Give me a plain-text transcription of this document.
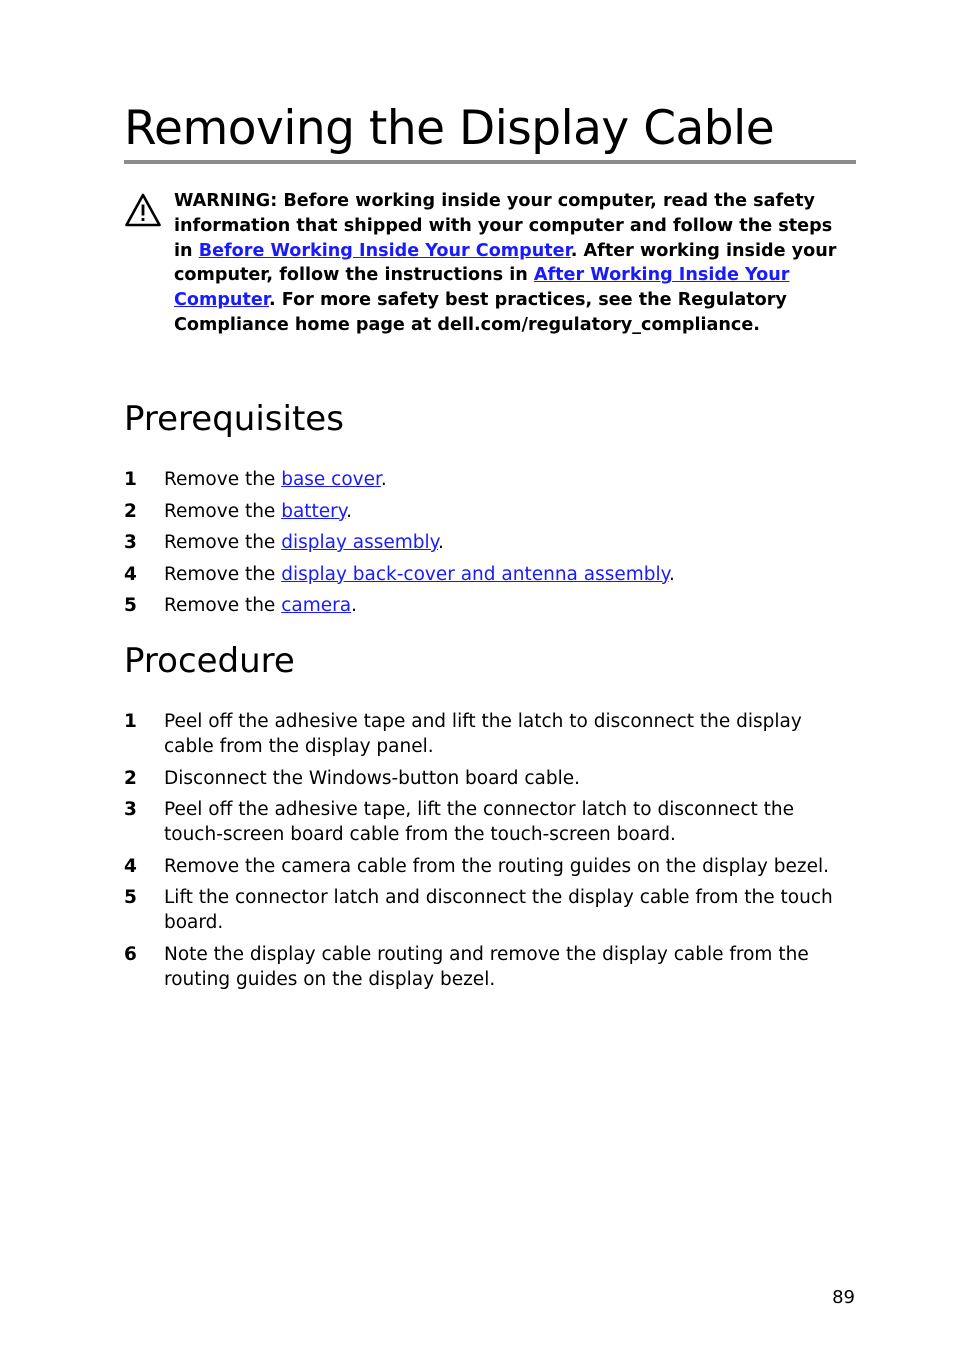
Removing the Display Cable

WARNING: Before working inside your computer, read the safety information that shipped with your computer and follow the steps in Before Working Inside Your Computer. After working inside your computer, follow the instructions in After Working Inside Your Computer. For more safety best practices, see the Regulatory Compliance home page at dell.com/regulatory_compliance.

Prerequisites
1 Remove the base cover.
2 Remove the battery.
3 Remove the display assembly.
4 Remove the display back-cover and antenna assembly.
5 Remove the camera.
Procedure
1 Peel off the adhesive tape and lift the latch to disconnect the display cable from the display panel.
2 Disconnect the Windows-button board cable.
3 Peel off the adhesive tape, lift the connector latch to disconnect the touch-screen board cable from the touch-screen board.
4 Remove the camera cable from the routing guides on the display bezel.
5 Lift the connector latch and disconnect the display cable from the touch board.
6 Note the display cable routing and remove the display cable from the routing guides on the display bezel.
89
